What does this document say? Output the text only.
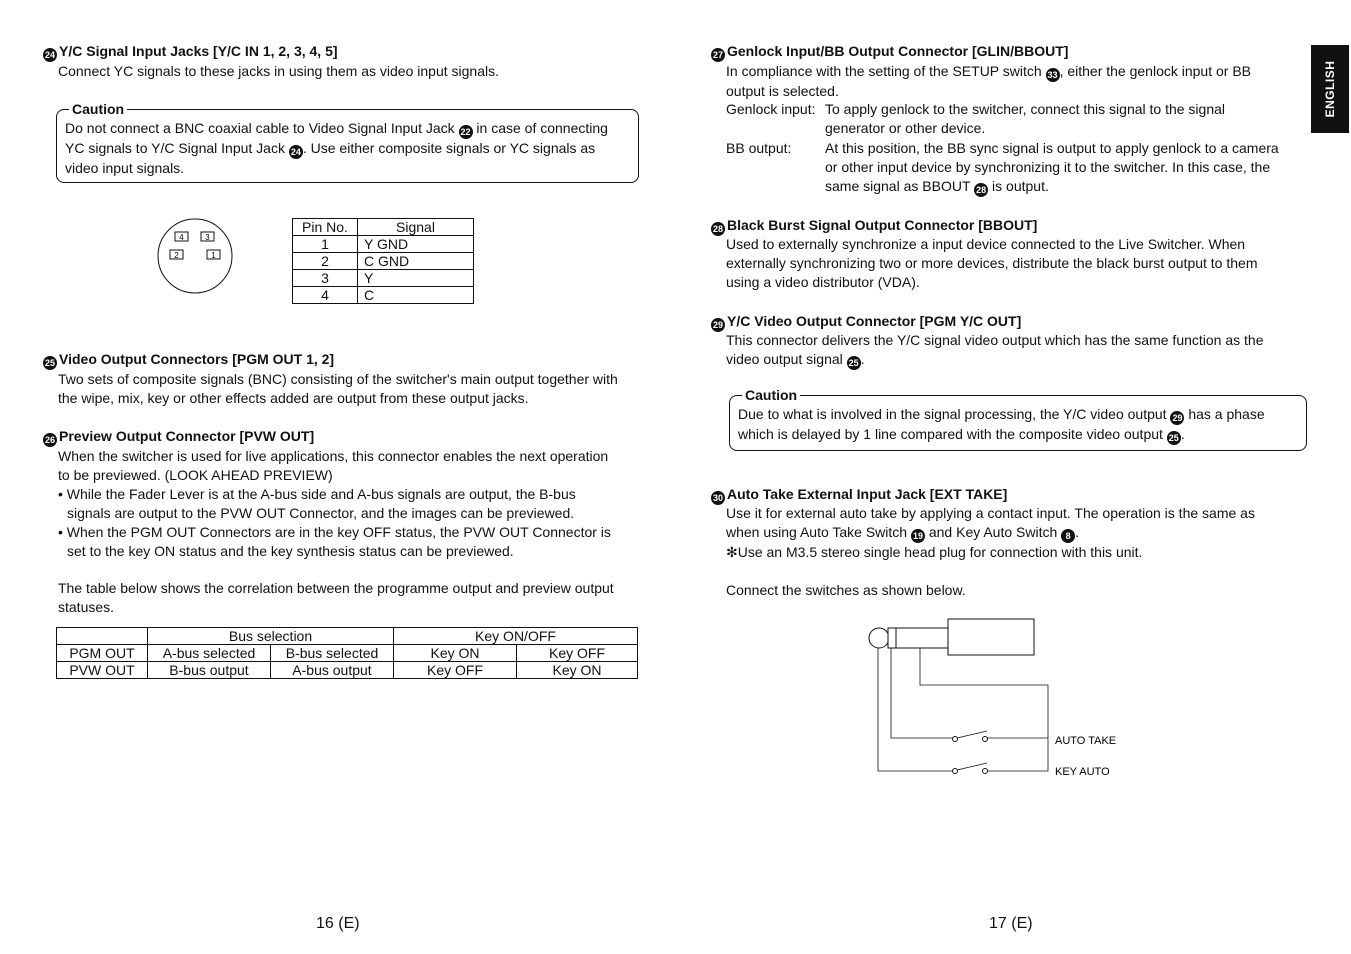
24 Y/C Signal Input Jacks [Y/C IN 1, 2, 3, 4, 5]
Connect YC signals to these jacks in using them as video input signals.
Caution
Do not connect a BNC coaxial cable to Video Signal Input Jack 22 in case of connecting
YC signals to Y/C Signal Input Jack 24 . Use either composite signals or YC signals as
video input signals.
4	3
2	1
Pin No.	Signal
1	Y GND
2	C GND
3	Y
4	C
25 Video Output Connectors [PGM OUT 1, 2]
Two sets of composite signals (BNC) consisting of the switcher's main output together with
the wipe, mix, key or other effects added are output from these output jacks.
26 Preview Output Connector [PVW OUT]
When the switcher is used for live applications, this connector enables the next operation
to be previewed. (LOOK AHEAD PREVIEW)
• While the Fader Lever is at the A-bus side and A-bus signals are output, the B-bus
signals are output to the PVW OUT Connector, and the images can be previewed.
• When the PGM OUT Connectors are in the key OFF status, the PVW OUT Connector is
set to the key ON status and the key synthesis status can be previewed.
The table below shows the correlation between the programme output and preview output
statuses.
	Bus selection		Key ON/OFF	
PGM OUT	A-bus selected	B-bus selected	Key ON	Key OFF
PVW OUT	B-bus output	A-bus output	Key OFF	Key ON
16 (E)
27 Genlock Input/BB Output Connector [GLIN/BBOUT]
In compliance with the setting of the SETUP switch 33 , either the genlock input or BB
output is selected.
Genlock input: To apply genlock to the switcher, connect this signal to the signal
generator or other device.
BB output: At this position, the BB sync signal is output to apply genlock to a camera
or other input device by synchronizing it to the switcher. In this case, the
same signal as BBOUT 28 is output.
28 Black Burst Signal Output Connector [BBOUT]
Used to externally synchronize a input device connected to the Live Switcher. When
externally synchronizing two or more devices, distribute the black burst output to them
using a video distributor (VDA).
29 Y/C Video Output Connector [PGM Y/C OUT]
This connector delivers the Y/C signal video output which has the same function as the
video output signal 25 .
Caution
Due to what is involved in the signal processing, the Y/C video output 29 has a phase
which is delayed by 1 line compared with the composite video output 25 .
30 Auto Take External Input Jack [EXT TAKE]
Use it for external auto take by applying a contact input. The operation is the same as
when using Auto Take Switch 19 and Key Auto Switch 8 .
✻Use an M3.5 stereo single head plug for connection with this unit.
Connect the switches as shown below.
AUTO TAKE
KEY AUTO
ENGLISH
17 (E)
